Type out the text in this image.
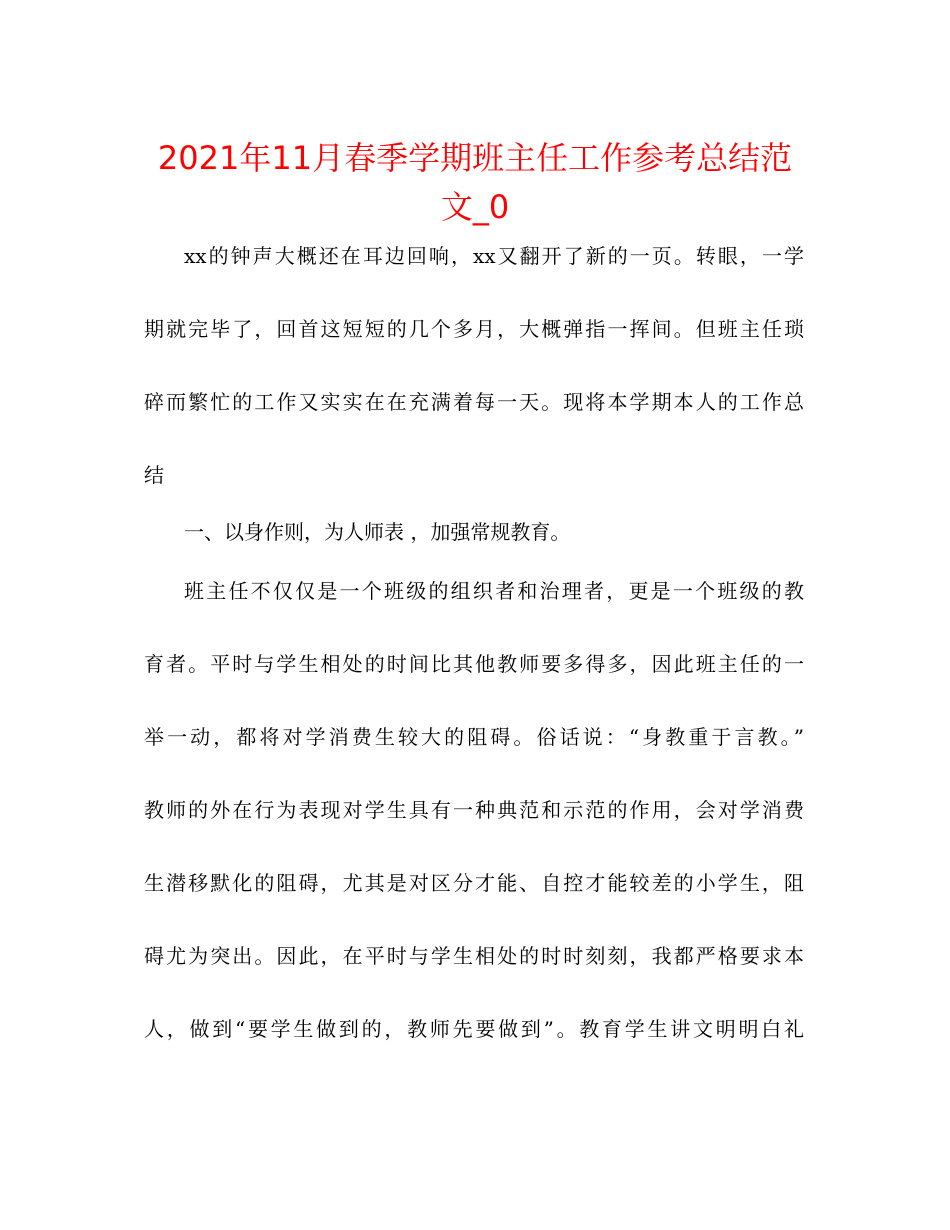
2021年11月春季学期班主任工作参考总结范
文_0
xx的钟声大概还在耳边回响，xx又翻开了新的一页。转眼，一学
期就完毕了，回首这短短的几个多月，大概弹指一挥间。但班主任琐
碎而繁忙的工作又实实在在充满着每一天。现将本学期本人的工作总
结
一、以身作则，为人师表 ，加强常规教育。
班主任不仅仅是一个班级的组织者和治理者，更是一个班级的教
育者。平时与学生相处的时间比其他教师要多得多，因此班主任的一
举一动，都将对学消费生较大的阻碍。俗话说：“身教重于言教。”
教师的外在行为表现对学生具有一种典范和示范的作用，会对学消费
生潜移默化的阻碍，尤其是对区分才能、自控才能较差的小学生，阻
碍尤为突出。因此，在平时与学生相处的时时刻刻，我都严格要求本
人，做到“要学生做到的，教师先要做到”。教育学生讲文明明白礼
